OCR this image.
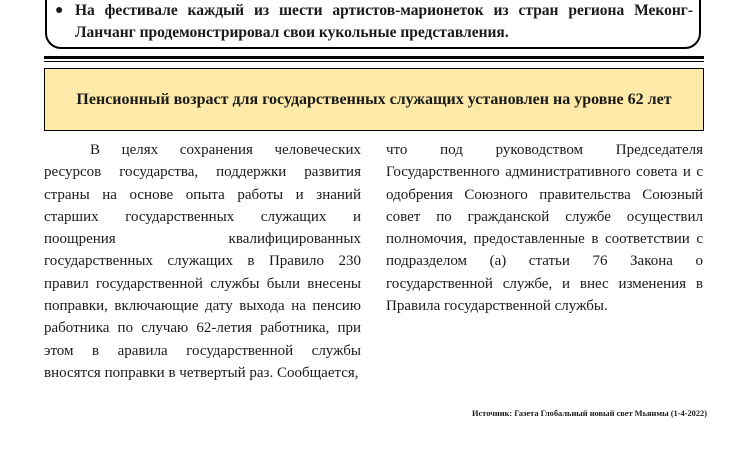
● На фестивале каждый из шести артистов-марионеток из стран региона Меконг-Ланчанг продемонстрировал свои кукольные представления.
Пенсионный возраст для государственных служащих установлен на уровне 62 лет

В целях сохранения человеческих ресурсов государства, поддержки развития страны на основе опыта работы и знаний старших государственных служащих и поощрения квалифицированных государственных служащих в Правило 230 правил государственной службы были внесены поправки, включающие дату выхода на пенсию работника по случаю 62-летия работника, при этом в аравила государственной службы вносятся поправки в четвертый раз. Сообщается,

что под руководством Председателя Государственного административного совета и с одобрения Союзного правительства Союзный совет по гражданской службе осуществил полномочия, предоставленные в соответствии с подразделом (а) статьи 76 Закона о государственной службе, и внес изменения в Правила государственной службы.

Источник: Газета Глобальный новый свет Мьянмы (1-4-2022)
